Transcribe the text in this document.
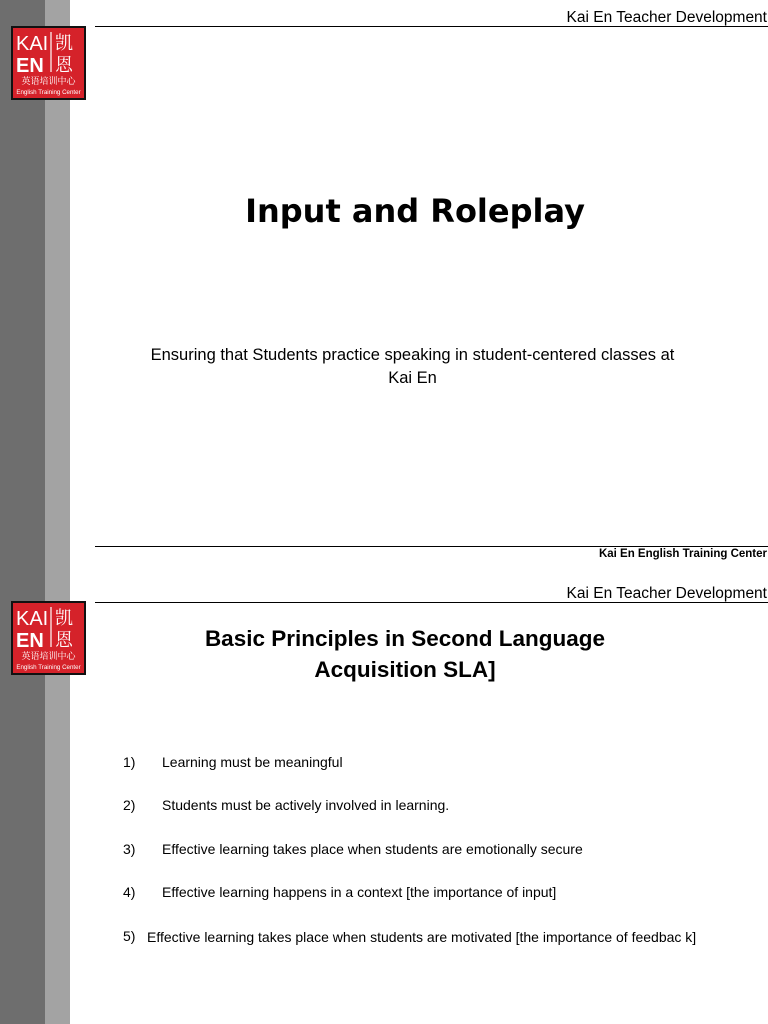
Kai En Teacher Development
KAI
EN
凯
恩
英语培训中心
English Training Center
Input and Roleplay
Ensuring that Students practice speaking in student-centered classes at Kai En
Kai En English Training Center
Kai En Teacher Development
KAI
EN
凯
恩
英语培训中心
English Training Center
Basic Principles in Second Language Acquisition SLA]
1) Learning must be meaningful
2) Students must be actively involved in learning.
3) Effective learning takes place when students are emotionally secure
4) Effective learning happens in a context [the importance of input]
5) Effective learning takes place when students are motivated [the importance of feedbac k]
